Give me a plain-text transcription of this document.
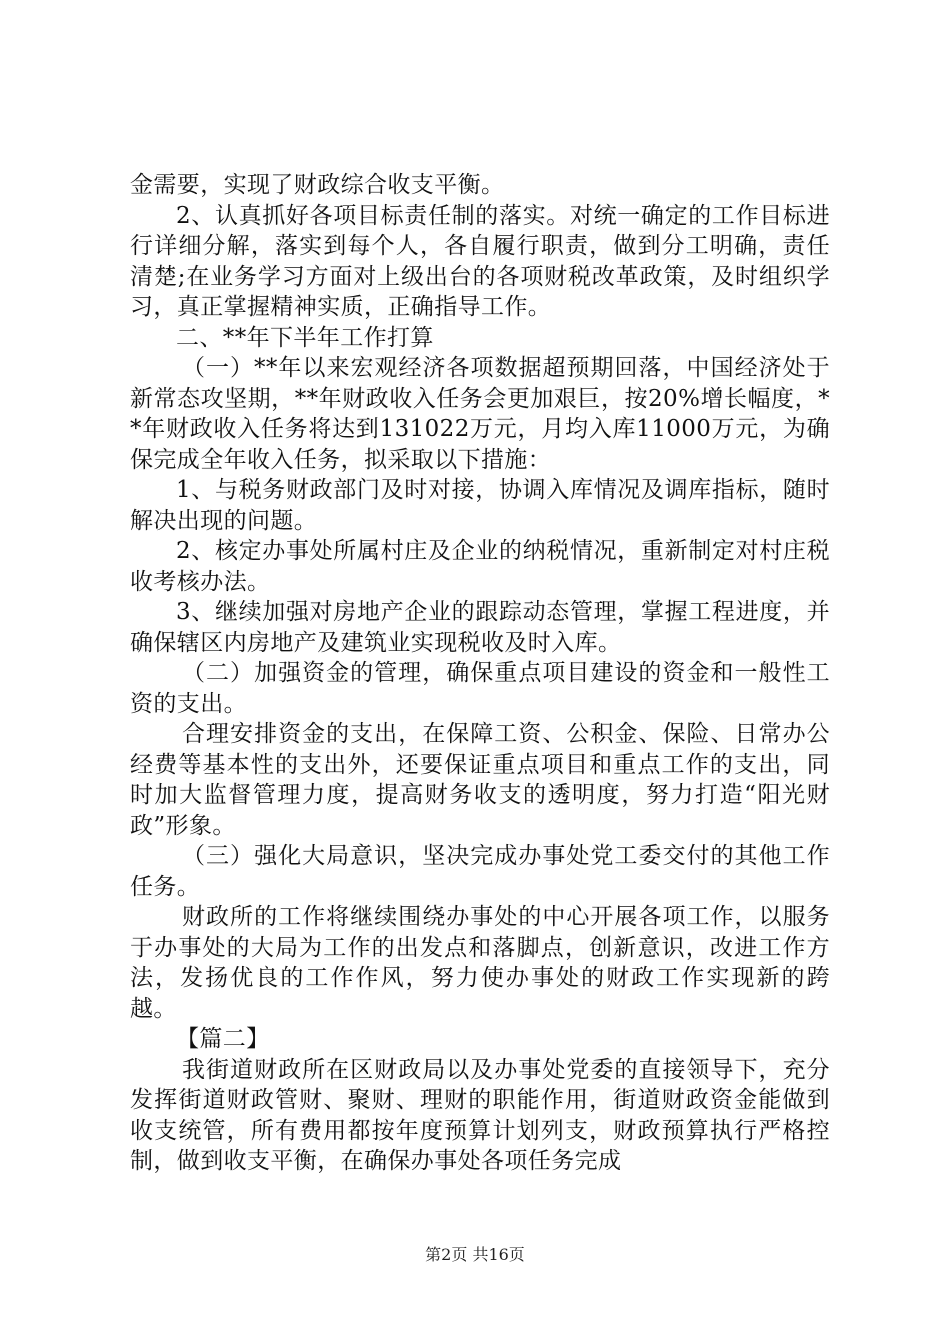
金需要，实现了财政综合收支平衡。

2、认真抓好各项目标责任制的落实。对统一确定的工作目标进行详细分解，落实到每个人，各自履行职责，做到分工明确，责任清楚;在业务学习方面对上级出台的各项财税改革政策，及时组织学习，真正掌握精神实质，正确指导工作。

二、**年下半年工作打算

（一）**年以来宏观经济各项数据超预期回落，中国经济处于新常态攻坚期，**年财政收入任务会更加艰巨，按20%增长幅度，**年财政收入任务将达到131022万元，月均入库11000万元，为确保完成全年收入任务，拟采取以下措施：

1、与税务财政部门及时对接，协调入库情况及调库指标，随时解决出现的问题。

2、核定办事处所属村庄及企业的纳税情况，重新制定对村庄税收考核办法。

3、继续加强对房地产企业的跟踪动态管理，掌握工程进度，并确保辖区内房地产及建筑业实现税收及时入库。

（二）加强资金的管理，确保重点项目建设的资金和一般性工资的支出。

合理安排资金的支出，在保障工资、公积金、保险、日常办公经费等基本性的支出外，还要保证重点项目和重点工作的支出，同时加大监督管理力度，提高财务收支的透明度，努力打造“阳光财政”形象。

（三）强化大局意识，坚决完成办事处党工委交付的其他工作任务。

财政所的工作将继续围绕办事处的中心开展各项工作，以服务于办事处的大局为工作的出发点和落脚点，创新意识，改进工作方法，发扬优良的工作作风，努力使办事处的财政工作实现新的跨越。

【篇二】

我街道财政所在区财政局以及办事处党委的直接领导下，充分发挥街道财政管财、聚财、理财的职能作用，街道财政资金能做到收支统管，所有费用都按年度预算计划列支，财政预算执行严格控制，做到收支平衡，在确保办事处各项任务完成

第2页 共16页
